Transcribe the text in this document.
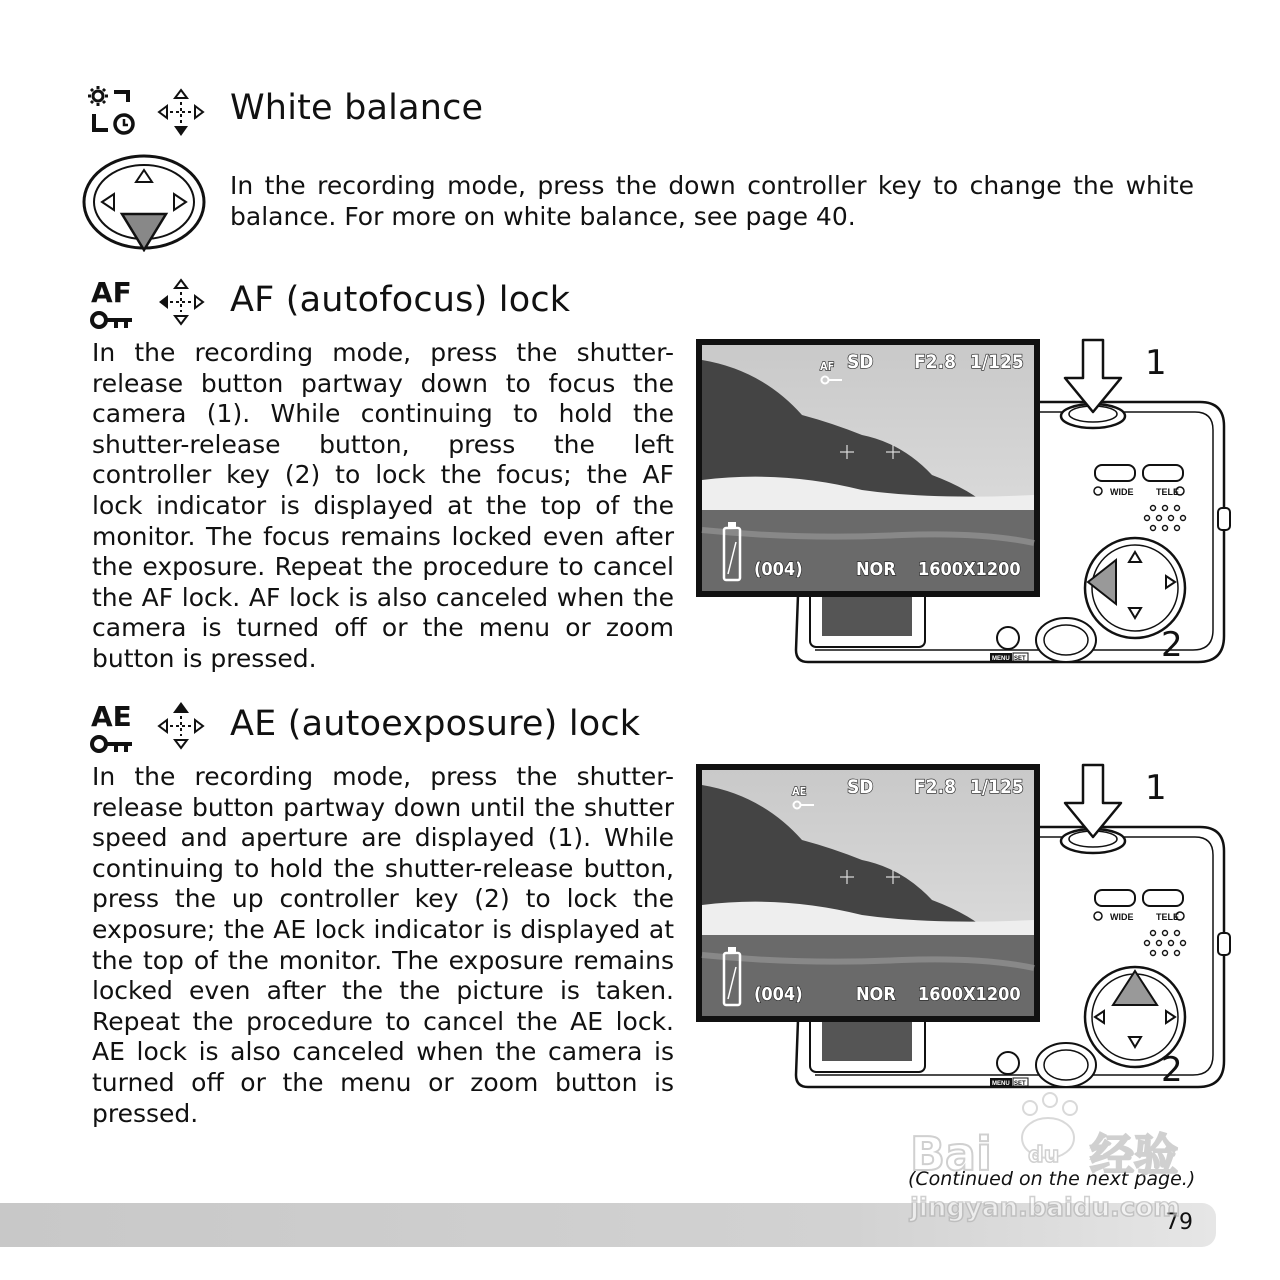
White balance
In the recording mode, press the down controller key to change the white balance. For more on white balance, see page 40.
AF	AF (autofocus) lock
In the recording mode, press the shutter-release button partway down to focus the camera (1). While continuing to hold the shutter-release button, press the left controller key (2) to lock the focus; the AF lock indicator is displayed at the top of the monitor. The focus remains locked even after the exposure. Repeat the procedure to cancel the AF lock. AF lock is also canceled when the camera is turned off or the menu or zoom button is pressed.
WIDE	TELE
MENU SET
AF SD F2.8 1/125
(004)	NOR 1600X1200
1
2
AE	AE (autoexposure) lock
In the recording mode, press the shutter-release button partway down until the shutter speed and aperture are displayed (1). While continuing to hold the shutter-release button, press the up controller key (2) to lock the exposure; the AE lock indicator is displayed at the top of the monitor. The exposure remains locked even after the the picture is taken. Repeat the procedure to cancel the AE lock. AE lock is also canceled when the camera is turned off or the menu or zoom button is pressed.
WIDE	TELE
MENU SET
AE SD F2.8 1/125
(004)	NOR 1600X1200
1
2
79
(Continued on the next page.)
Bai du 经验
jingyan.baidu.com
